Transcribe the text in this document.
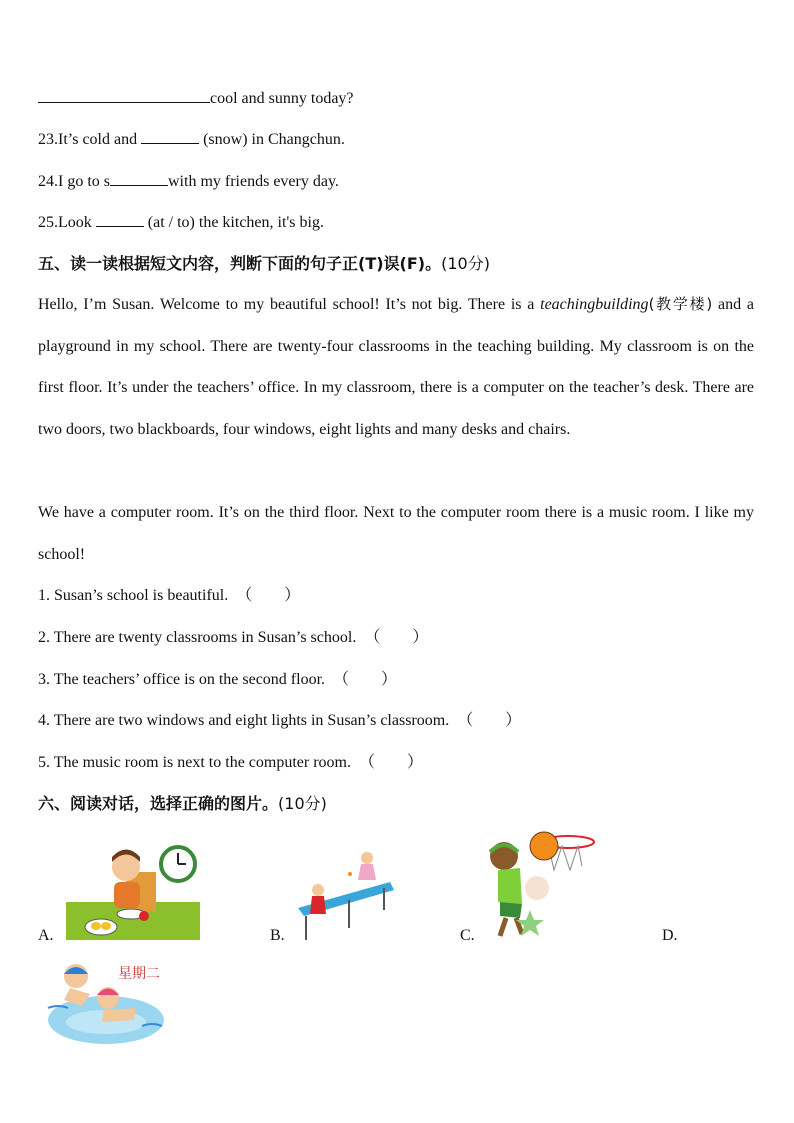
cool and sunny today?
23.It’s cold and	(snow) in Changchun.
24.I go to s	with my friends every day.
25.Look	(at / to) the kitchen, it's big.
五、读一读根据短文内容，判断下面的句子正(T)误(F)。(10分)
Hello, I’m Susan. Welcome to my beautiful school! It’s not big. There is a teachingbuilding(教学楼) and a playground in my school. There are twenty-four classrooms in the teaching building. My classroom is on the first floor. It’s under the teachers’ office. In my classroom, there is a computer on the teacher’s desk. There are two doors, two blackboards, four windows, eight lights and many desks and chairs.
We have a computer room. It’s on the third floor. Next to the computer room there is a music room. I like my school!
1. Susan’s school is beautiful. （　　）
2. There are twenty classrooms in Susan’s school. （　　）
3. The teachers’ office is on the second floor. （　　）
4. There are two windows and eight lights in Susan’s classroom. （　　）
5. The music room is next to the computer room. （　　）
六、阅读对话，选择正确的图片。(10分)
A.	B.	C.	D.
星期二
